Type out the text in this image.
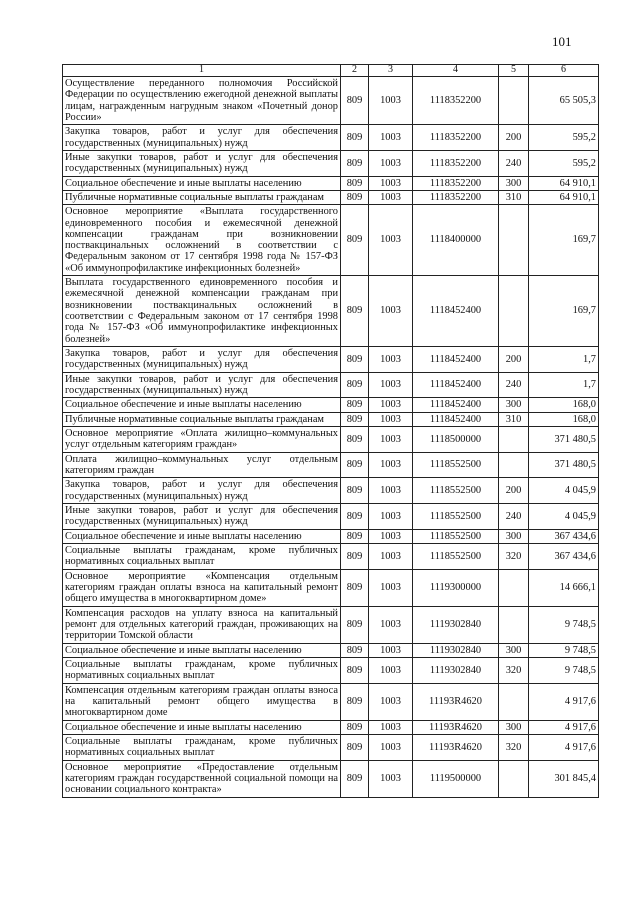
101
1	2	3	4	5	6
Осуществление переданного полномочия Российской Федерации по осуществлению ежегодной денежной выплаты лицам, награжденным нагрудным знаком «Почетный донор России»	809	1003	1118352200		65 505,3
Закупка товаров, работ и услуг для обеспечения государственных (муниципальных) нужд	809	1003	1118352200	200	595,2
Иные закупки товаров, работ и услуг для обеспечения государственных (муниципальных) нужд	809	1003	1118352200	240	595,2
Социальное обеспечение и иные выплаты населению	809	1003	1118352200	300	64 910,1
Публичные нормативные социальные выплаты гражданам	809	1003	1118352200	310	64 910,1
Основное мероприятие «Выплата государственного единовременного пособия и ежемесячной денежной компенсации гражданам при возникновении поствакцинальных осложнений в соответствии с Федеральным законом от 17 сентября 1998 года № 157-ФЗ «Об иммунопрофилактике инфекционных болезней»	809	1003	1118400000		169,7
Выплата государственного единовременного пособия и ежемесячной денежной компенсации гражданам при возникновении поствакцинальных осложнений в соответствии с Федеральным законом от 17 сентября 1998 года № 157-ФЗ «Об иммунопрофилактике инфекционных болезней»	809	1003	1118452400		169,7
Закупка товаров, работ и услуг для обеспечения государственных (муниципальных) нужд	809	1003	1118452400	200	1,7
Иные закупки товаров, работ и услуг для обеспечения государственных (муниципальных) нужд	809	1003	1118452400	240	1,7
Социальное обеспечение и иные выплаты населению	809	1003	1118452400	300	168,0
Публичные нормативные социальные выплаты гражданам	809	1003	1118452400	310	168,0
Основное мероприятие «Оплата жилищно–коммунальных услуг отдельным категориям граждан»	809	1003	1118500000		371 480,5
Оплата жилищно–коммунальных услуг отдельным категориям граждан	809	1003	1118552500		371 480,5
Закупка товаров, работ и услуг для обеспечения государственных (муниципальных) нужд	809	1003	1118552500	200	4 045,9
Иные закупки товаров, работ и услуг для обеспечения государственных (муниципальных) нужд	809	1003	1118552500	240	4 045,9
Социальное обеспечение и иные выплаты населению	809	1003	1118552500	300	367 434,6
Социальные выплаты гражданам, кроме публичных нормативных социальных выплат	809	1003	1118552500	320	367 434,6
Основное мероприятие «Компенсация отдельным категориям граждан оплаты взноса на капитальный ремонт общего имущества в многоквартирном доме»	809	1003	1119300000		14 666,1
Компенсация расходов на уплату взноса на капитальный ремонт для отдельных категорий граждан, проживающих на территории Томской области	809	1003	1119302840		9 748,5
Социальное обеспечение и иные выплаты населению	809	1003	1119302840	300	9 748,5
Социальные выплаты гражданам, кроме публичных нормативных социальных выплат	809	1003	1119302840	320	9 748,5
Компенсация отдельным категориям граждан оплаты взноса на капитальный ремонт общего имущества в многоквартирном доме	809	1003	11193R4620		4 917,6
Социальное обеспечение и иные выплаты населению	809	1003	11193R4620	300	4 917,6
Социальные выплаты гражданам, кроме публичных нормативных социальных выплат	809	1003	11193R4620	320	4 917,6
Основное мероприятие «Предоставление отдельным категориям граждан государственной социальной помощи на основании социального контракта»	809	1003	1119500000		301 845,4
